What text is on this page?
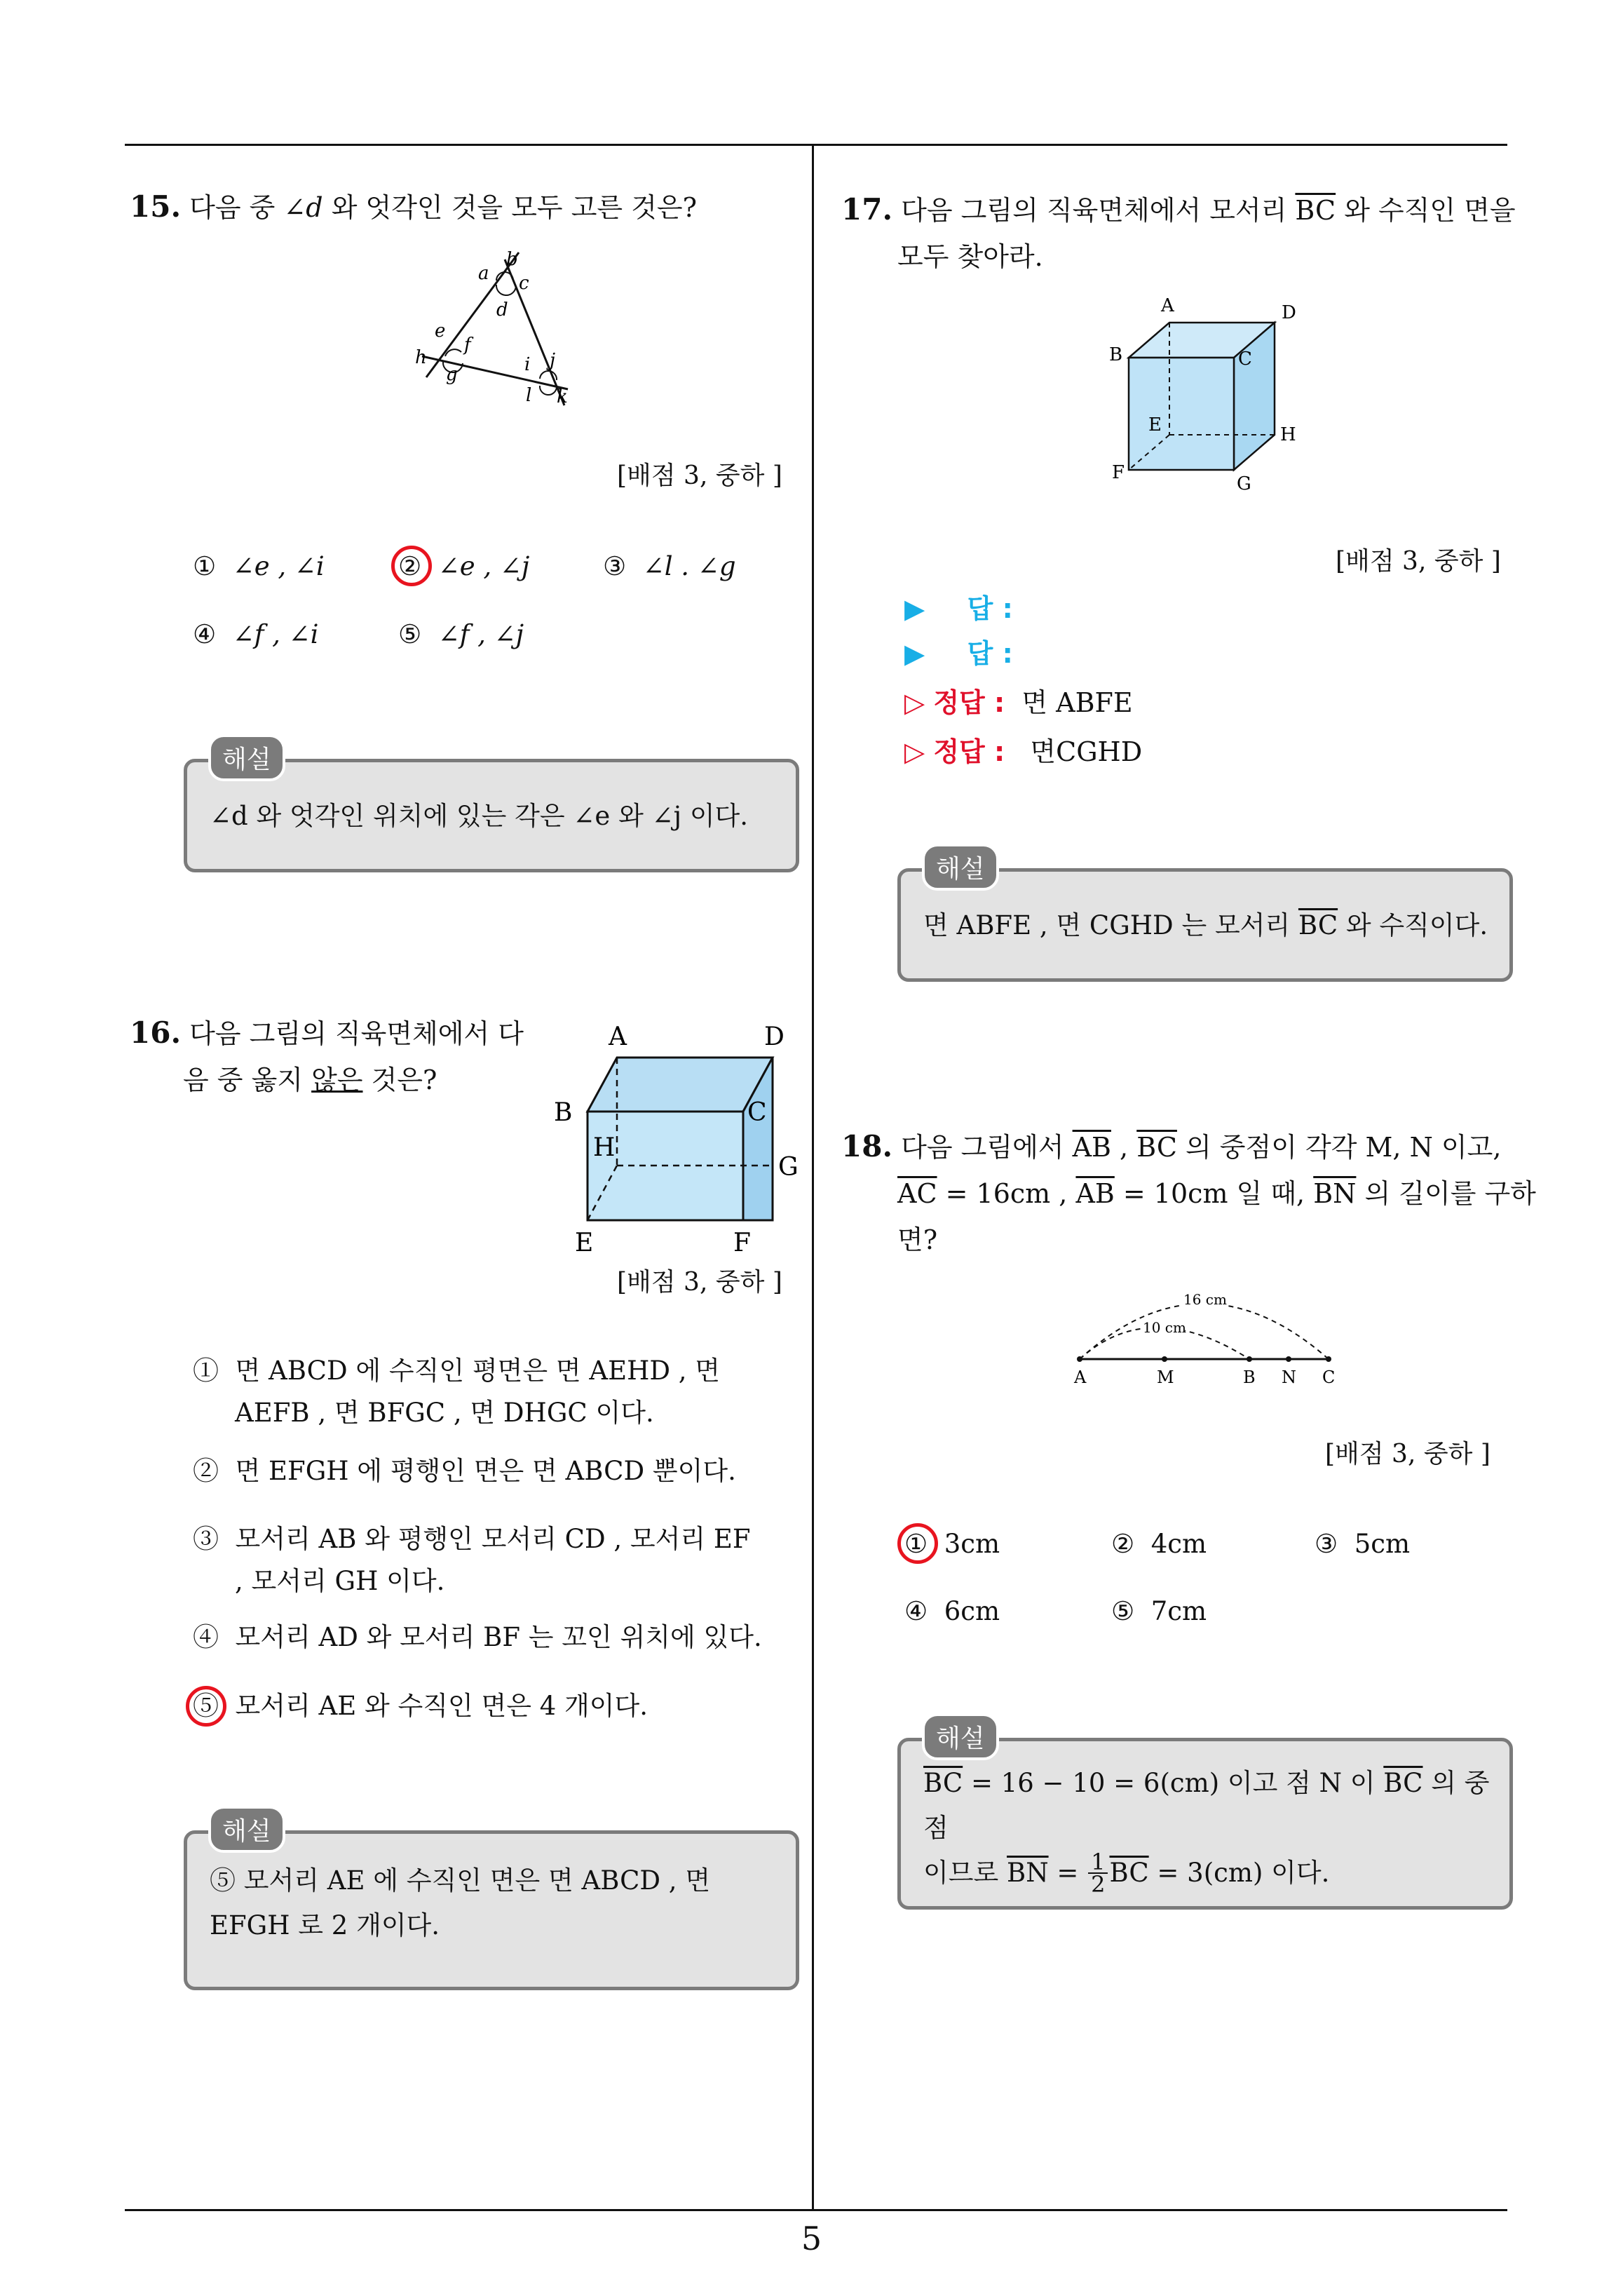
5
15. 다음 중 ∠d 와 엇각인 것을 모두 고른 것은?
a
b
c
d
e
f
g
h	i j
k
l
[배점 3, 중하 ]
① ∠e , ∠i	② ∠e , ∠j	③ ∠l . ∠g
④ ∠f , ∠i	⑤ ∠f , ∠j
해설
∠d 와 엇각인 위치에 있는 각은 ∠e 와 ∠j 이다.
16. 다음 그림의 직육면체에서 다
음 중 옳지 않은 것은?
A	D
B	C
H
G
E	F
[배점 3, 중하 ]
① 면 ABCD 에 수직인 평면은 면 AEHD , 면
AEFB , 면 BFGC , 면 DHGC 이다.
② 면 EFGH 에 평행인 면은 면 ABCD 뿐이다.
③ 모서리 AB 와 평행인 모서리 CD , 모서리 EF
, 모서리 GH 이다.
④ 모서리 AD 와 모서리 BF 는 꼬인 위치에 있다.
⑤ 모서리 AE 와 수직인 면은 4 개이다.
해설
⑤ 모서리 AE 에 수직인 면은 면 ABCD , 면
EFGH 로 2 개이다.
17. 다음 그림의 직육면체에서 모서리 $\overline{BC}$ 와 수직인 면을
모두 찾아라.
A	D
B	C
E	H
F
G
[배점 3, 중하 ]
▶ 답 :
▶ 답 :
▷ 정답 : 면 ABFE
▷ 정답 : 면CGHD
해설
면 ABFE , 면 CGHD 는 모서리 $\overline{BC}$ 와 수직이다.
18. 다음 그림에서 $\overline{AB}$ , $\overline{BC}$ 의 중점이 각각 M, N 이고,
$\overline{AC} = 16cm$ , $\overline{AB} = 10cm$ 일 때, $\overline{BN}$ 의 길이를 구하
면?
16 cm
10 cm
A	M	B N C
[배점 3, 중하 ]
① 3cm	② 4cm	③ 5cm
④ 6cm	⑤ 7cm
해설
$\overline{BC} = 16 - 10 = 6(cm)$ 이고 점 N 이 $\overline{BC}$ 의 중점
이므로
$\overline{BN} = \frac{1}{2} \overline{BC} = 3(cm)$ 이다.
